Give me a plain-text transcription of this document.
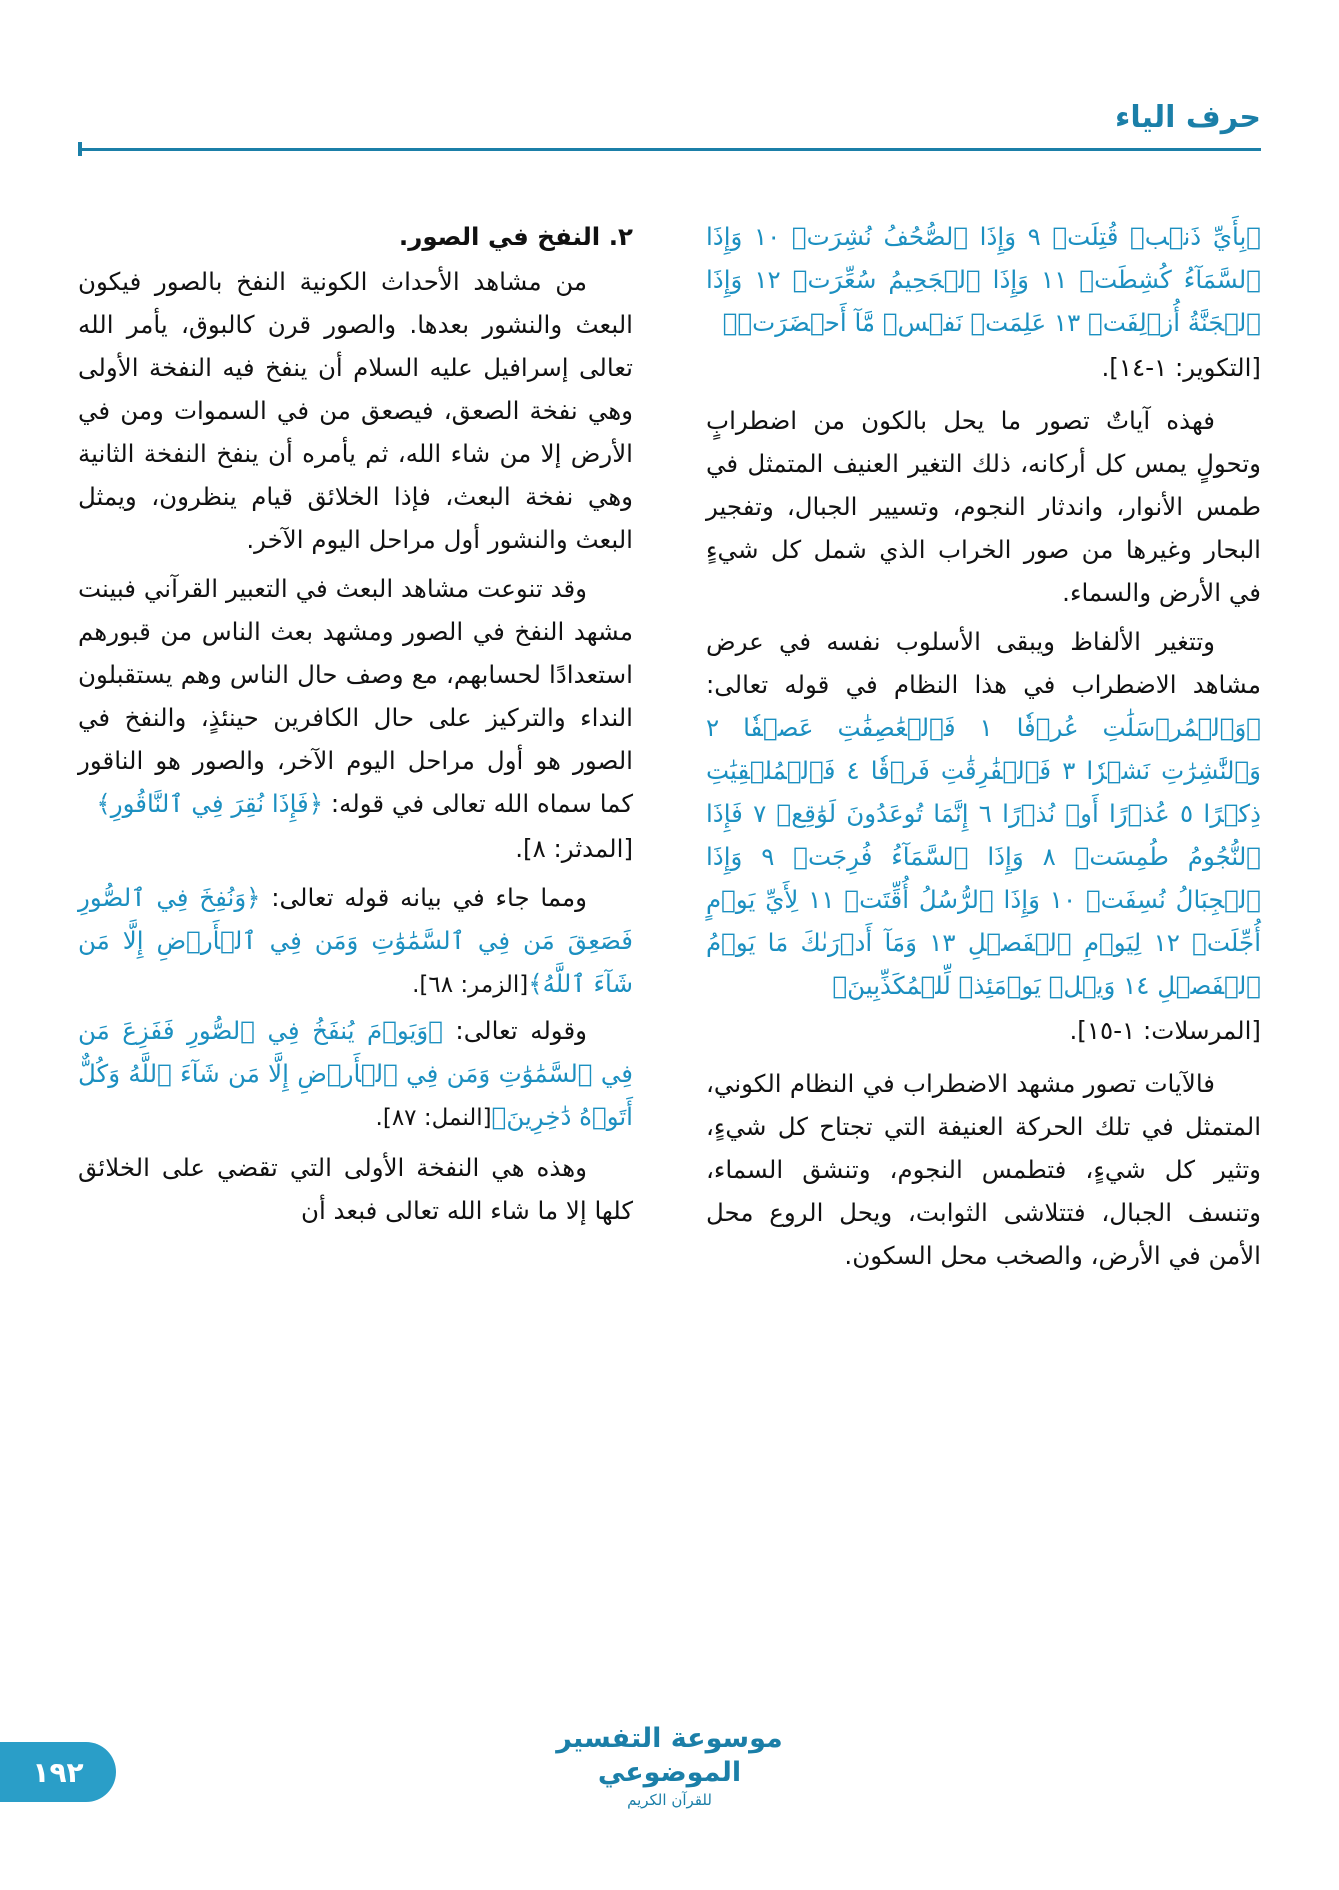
حرف الياء

﴿بِأَيِّ ذَنۢبٖ قُتِلَتۡ ٩ وَإِذَا ٱلصُّحُفُ نُشِرَتۡ ١٠ وَإِذَا ٱلسَّمَآءُ كُشِطَتۡ ١١ وَإِذَا ٱلۡجَحِيمُ سُعِّرَتۡ ١٢ وَإِذَا ٱلۡجَنَّةُ أُزۡلِفَتۡ ١٣ عَلِمَتۡ نَفۡسٞ مَّآ أَحۡضَرَتۡ﴾

[التكوير: ١-١٤].

فهذه آياتٌ تصور ما يحل بالكون من اضطرابٍ وتحولٍ يمس كل أركانه، ذلك التغير العنيف المتمثل في طمس الأنوار، واندثار النجوم، وتسيير الجبال، وتفجير البحار وغيرها من صور الخراب الذي شمل كل شيءٍ في الأرض والسماء.

وتتغير الألفاظ ويبقى الأسلوب نفسه في عرض مشاهد الاضطراب في هذا النظام في قوله تعالى: ﴿وَٱلۡمُرۡسَلَٰتِ عُرۡفٗا ١ فَٱلۡعَٰصِفَٰتِ عَصۡفٗا ٢ وَٱلنَّٰشِرَٰتِ نَشۡرٗا ٣ فَٱلۡفَٰرِقَٰتِ فَرۡقٗا ٤ فَٱلۡمُلۡقِيَٰتِ ذِكۡرًا ٥ عُذۡرًا أَوۡ نُذۡرًا ٦ إِنَّمَا تُوعَدُونَ لَوَٰقِعٞ ٧ فَإِذَا ٱلنُّجُومُ طُمِسَتۡ ٨ وَإِذَا ٱلسَّمَآءُ فُرِجَتۡ ٩ وَإِذَا ٱلۡجِبَالُ نُسِفَتۡ ١٠ وَإِذَا ٱلرُّسُلُ أُقِّتَتۡ ١١ لِأَيِّ يَوۡمٍ أُجِّلَتۡ ١٢ لِيَوۡمِ ٱلۡفَصۡلِ ١٣ وَمَآ أَدۡرَىٰكَ مَا يَوۡمُ ٱلۡفَصۡلِ ١٤ وَيۡلٞ يَوۡمَئِذٖ لِّلۡمُكَذِّبِينَ﴾

[المرسلات: ١-١٥].

فالآيات تصور مشهد الاضطراب في النظام الكوني، المتمثل في تلك الحركة العنيفة التي تجتاح كل شيءٍ، وتثير كل شيءٍ، فتطمس النجوم، وتنشق السماء، وتنسف الجبال، فتتلاشى الثوابت، ويحل الروع محل الأمن في الأرض، والصخب محل السكون.

٢. النفخ في الصور.

من مشاهد الأحداث الكونية النفخ بالصور فيكون البعث والنشور بعدها. والصور قرن كالبوق، يأمر الله تعالى إسرافيل عليه السلام أن ينفخ فيه النفخة الأولى وهي نفخة الصعق، فيصعق من في السموات ومن في الأرض إلا من شاء الله، ثم يأمره أن ينفخ النفخة الثانية وهي نفخة البعث، فإذا الخلائق قيام ينظرون، ويمثل البعث والنشور أول مراحل اليوم الآخر.

وقد تنوعت مشاهد البعث في التعبير القرآني فبينت مشهد النفخ في الصور ومشهد بعث الناس من قبورهم استعدادًا لحسابهم، مع وصف حال الناس وهم يستقبلون النداء والتركيز على حال الكافرين حينئذٍ، والنفخ في الصور هو أول مراحل اليوم الآخر، والصور هو الناقور كما سماه الله تعالى في قوله: ﴿فَإِذَا نُقِرَ فِي ٱلنَّاقُورِ﴾

[المدثر: ٨].

ومما جاء في بيانه قوله تعالى: ﴿وَنُفِخَ فِي ٱلصُّورِ فَصَعِقَ مَن فِي ٱلسَّمَٰوَٰتِ وَمَن فِي ٱلۡأَرۡضِ إِلَّا مَن شَآءَ ٱللَّهُ﴾[الزمر: ٦٨].

وقوله تعالى: ﴿وَيَوۡمَ يُنفَخُ فِي ٱلصُّورِ فَفَزِعَ مَن فِي ٱلسَّمَٰوَٰتِ وَمَن فِي ٱلۡأَرۡضِ إِلَّا مَن شَآءَ ٱللَّهُ وَكُلٌّ أَتَوۡهُ دَٰخِرِينَ﴾[النمل: ٨٧].

وهذه هي النفخة الأولى التي تقضي على الخلائق كلها إلا ما شاء الله تعالى فبعد أن

موسوعة التفسير الموضوعي
للقرآن الكريم
١٩٢
